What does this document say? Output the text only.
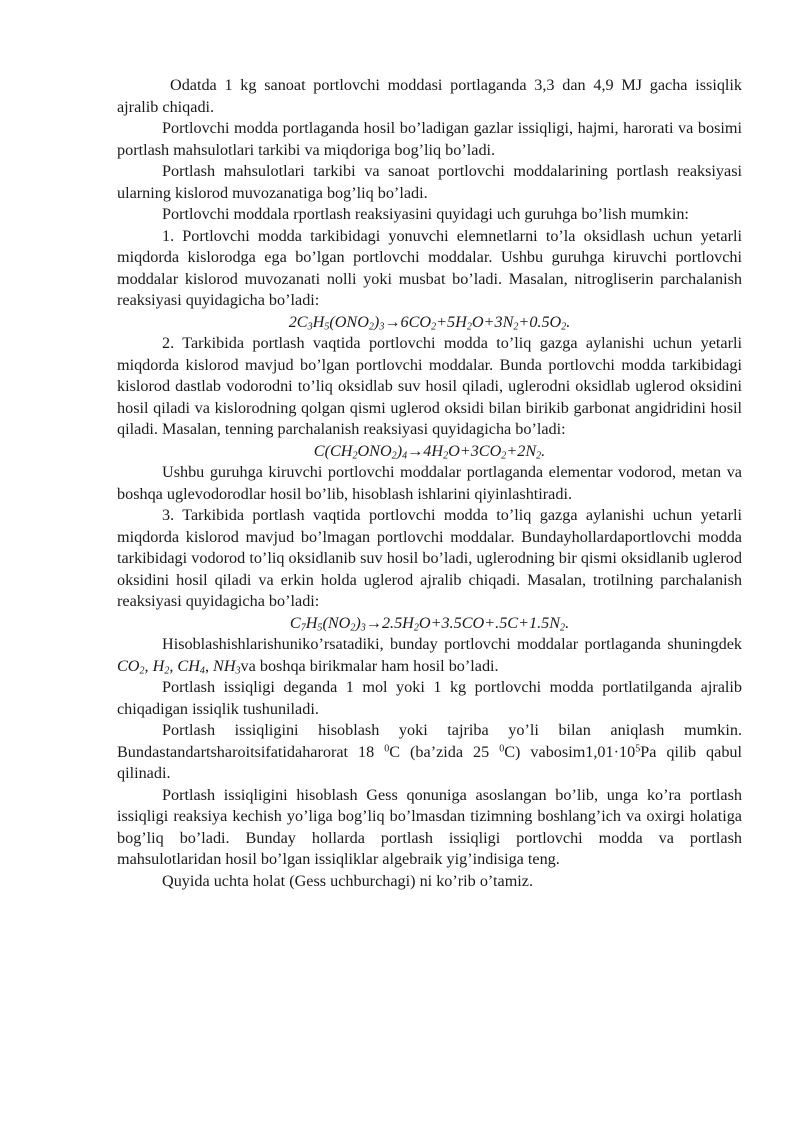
Odatda 1 kg sanoat portlovchi moddasi portlaganda 3,3 dan 4,9 MJ gacha issiqlik ajralib chiqadi.

Portlovchi modda portlaganda hosil bo’ladigan gazlar issiqligi, hajmi, harorati va bosimi portlash mahsulotlari tarkibi va miqdoriga bog’liq bo’ladi.

Portlash mahsulotlari tarkibi va sanoat portlovchi moddalarining portlash reaksiyasi ularning kislorod muvozanatiga bog’liq bo’ladi.

Portlovchi moddala rportlash reaksiyasini quyidagi uch guruhga bo’lish mumkin:

1. Portlovchi modda tarkibidagi yonuvchi elemnetlarni to’la oksidlash uchun yetarli miqdorda kislorodga ega bo’lgan portlovchi moddalar. Ushbu guruhga kiruvchi portlovchi moddalar kislorod muvozanati nolli yoki musbat bo’ladi. Masalan, nitrogliserin parchalanish reaksiyasi quyidagicha bo’ladi:

$2C_3H_5(ONO_2)_3\to 6CO_2+5H_2O+3N_2+0.5O_2$.

2. Tarkibida portlash vaqtida portlovchi modda to’liq gazga aylanishi uchun yetarli miqdorda kislorod mavjud bo’lgan portlovchi moddalar. Bunda portlovchi modda tarkibidagi kislorod dastlab vodorodni to’liq oksidlab suv hosil qiladi, uglerodni oksidlab uglerod oksidini hosil qiladi va kislorodning qolgan qismi uglerod oksidi bilan birikib garbonat angidridini hosil qiladi. Masalan, tenning parchalanish reaksiyasi quyidagicha bo’ladi:

$C(CH_2ONO_2)_4\to 4H_2O+3CO_2+2N_2$.

Ushbu guruhga kiruvchi portlovchi moddalar portlaganda elementar vodorod, metan va boshqa uglevodorodlar hosil bo’lib, hisoblash ishlarini qiyinlashtiradi.

3. Tarkibida portlash vaqtida portlovchi modda to’liq gazga aylanishi uchun yetarli miqdorda kislorod mavjud bo’lmagan portlovchi moddalar. Bundayhollardaportlovchi modda tarkibidagi vodorod to’liq oksidlanib suv hosil bo’ladi, uglerodning bir qismi oksidlanib uglerod oksidini hosil qiladi va erkin holda uglerod ajralib chiqadi. Masalan, trotilning parchalanish reaksiyasi quyidagicha bo’ladi:

$C_7H_5(NO_2)_3\to 2.5H_2O+3.5CO+.5C+1.5N_2$.

Hisoblashishlarishuniko’rsatadiki, bunday portlovchi moddalar portlaganda shuningdek $CO_2$, $H_2$, $CH_4$, $NH_3va$ boshqa birikmalar ham hosil bo’ladi.

Portlash issiqligi deganda 1 mol yoki 1 kg portlovchi modda portlatilganda ajralib chiqadigan issiqlik tushuniladi.

Portlash issiqligini hisoblash yoki tajriba yo’li bilan aniqlash mumkin. Bundastandartsharoitsifatidaharorat 18 $^0$C (ba’zida 25 $^0$C) $vabosim1,01\cdot 10^5Pa$ qilib qabul qilinadi.

Portlash issiqligini hisoblash Gess qonuniga asoslangan bo’lib, unga ko’ra portlash issiqligi reaksiya kechish yo’liga bog’liq bo’lmasdan tizimning boshlang’ich va oxirgi holatiga bog’liq bo’ladi. Bunday hollarda portlash issiqligi portlovchi modda va portlash mahsulotlaridan hosil bo’lgan issiqliklar algebraik yig’indisiga teng.

Quyida uchta holat (Gess uchburchagi) ni ko’rib o’tamiz.
